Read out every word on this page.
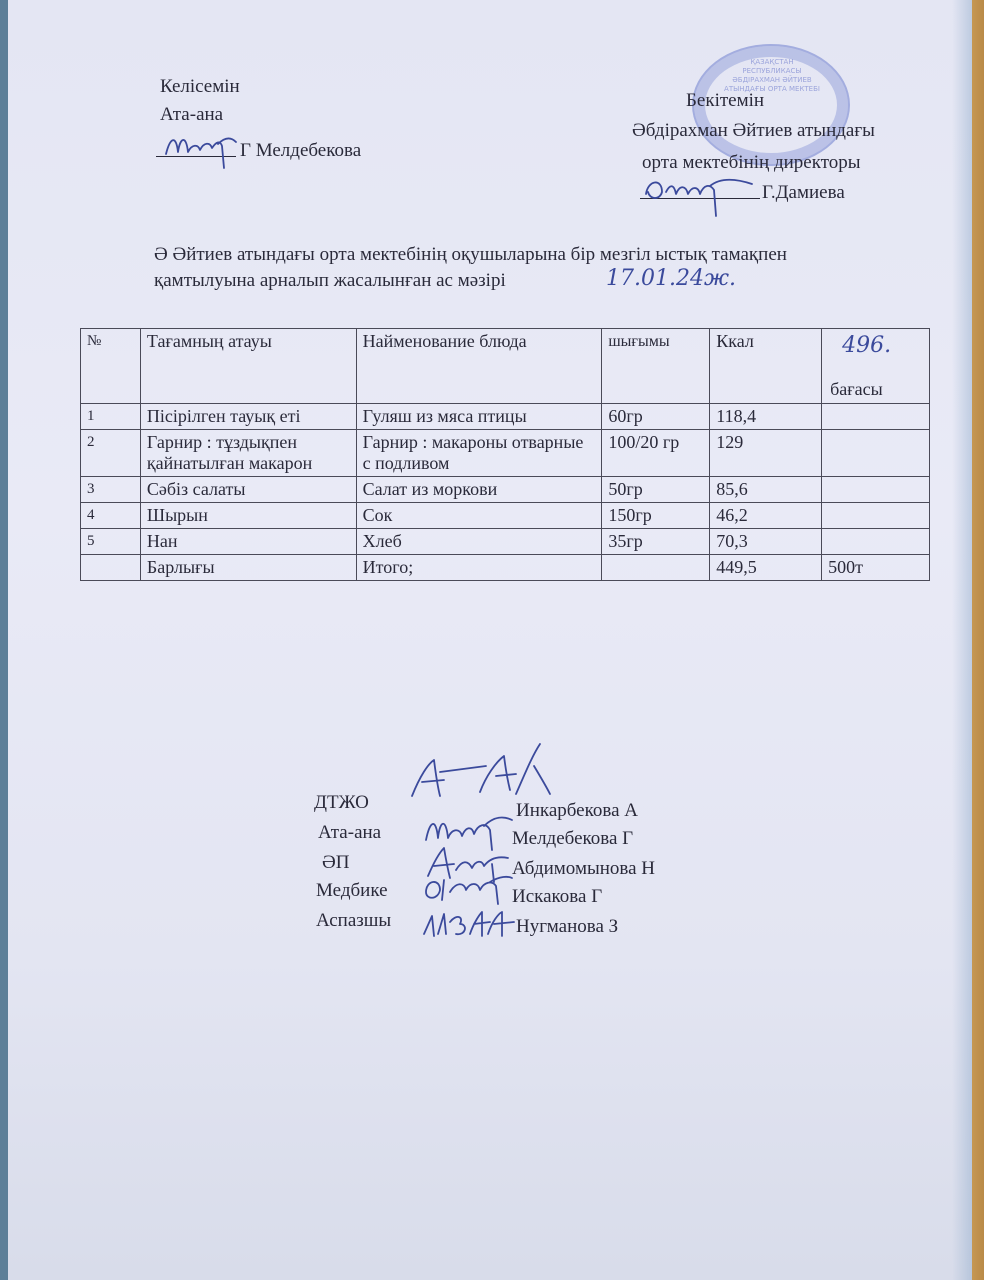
Келісемін
Ата-ана
Г Мелдебекова
ҚАЗАҚСТАН РЕСПУБЛИКАСЫ ӘБДІРАХМАН ӘЙТИЕВ АТЫНДАҒЫ ОРТА МЕКТЕБІ
Бекітемін
Әбдірахман Әйтиев атындағы
орта мектебінің директоры
Г.Дамиева
Ә Әйтиев атындағы орта мектебінің оқушыларына бір мезгіл ыстық тамақпен
қамтылуына арналып жасалынған ас мәзірі	17.01.24ж.
№	Тағамның атауы	Найменование блюда	шығымы	Ккал	496.
бағасы

1	Пісірілген тауық еті	Гуляш из мяса птицы	60гр	118,4	
2	Гарнир : тұздықпен қайнатылған макарон	Гарнир : макароны отварные с подливом	100/20 гр	129	
3	Сәбіз салаты	Салат из моркови	50гр	85,6	
4	Шырын	Сок	150гр	46,2	
5	Нан	Хлеб	35гр	70,3	
	Барлығы	Итого;		449,5	500т
ДТЖО	Инкарбекова А
Ата-ана	Мелдебекова Г
ӘП	Абдимомынова Н
Медбике	Искакова Г
Аспазшы	Нугманова З
